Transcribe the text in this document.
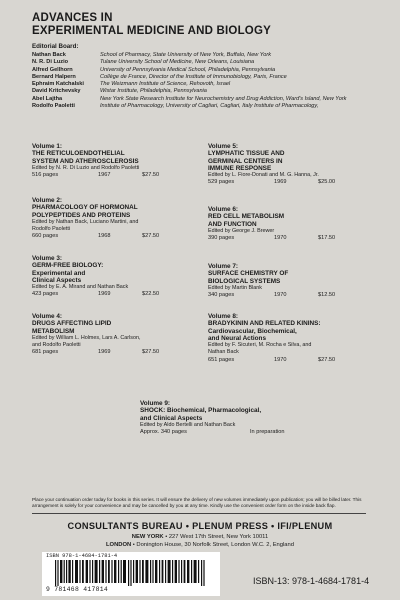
ADVANCES IN
EXPERIMENTAL MEDICINE AND BIOLOGY
Editorial Board:
Nathan Back	School of Pharmacy, State University of New York, Buffalo, New York
N. R. Di Luzio	Tulane University School of Medicine, New Orleans, Louisiana
Alfred Gellhorn	University of Pennsylvania Medical School, Philadelphia, Pennsylvania
Bernard Halpern	Collège de France, Director of the Institute of Immunobiology, Paris, France
Ephraim Katchalski	The Weizmann Institute of Science, Rehovoth, Israel
David Kritchevsky	Wistar Institute, Philadelphia, Pennsylvania
Abel Lajtha	New York State Research Institute for Neurochemistry and Drug Addiction, Ward's Island, New York
Rodolfo Paoletti	Institute of Pharmacology, University of Cagliari, Cagliari, Italy Institute of Pharmacology,
Volume 1:
THE RETICULOENDOTHELIAL
SYSTEM AND ATHEROSCLEROSIS
Edited by N. R. Di Luzio and Rodolfo Paoletti
516 pages	1967	$27.50
Volume 2:
PHARMACOLOGY OF HORMONAL
POLYPEPTIDES AND PROTEINS
Edited by Nathan Back, Luciano Martini, and
Rodolfo Paoletti
660 pages	1968	$27.50
Volume 3:
GERM-FREE BIOLOGY:
Experimental and
Clinical Aspects
Edited by E. A. Mirand and Nathan Back
423 pages	1969	$22.50
Volume 4:
DRUGS AFFECTING LIPID
METABOLISM
Edited by William L. Holmes, Lars A. Carlson,
and Rodolfo Paoletti
681 pages	1969	$27.50
Volume 5:
LYMPHATIC TISSUE AND
GERMINAL CENTERS IN
IMMUNE RESPONSE
Edited by L. Fiore-Donati and M. G. Hanna, Jr.
529 pages	1969	$25.00
Volume 6:
RED CELL METABOLISM
AND FUNCTION
Edited by George J. Brewer
390 pages	1970	$17.50
Volume 7:
SURFACE CHEMISTRY OF
BIOLOGICAL SYSTEMS
Edited by Martin Blank
340 pages	1970	$12.50
Volume 8:
BRADYKININ AND RELATED KININS:
Cardiovascular, Biochemical,
and Neural Actions
Edited by F. Sicuteri, M. Rocha e Silva, and
Nathan Back
651 pages	1970	$27.50
Volume 9:
SHOCK: Biochemical, Pharmacological,
and Clinical Aspects
Edited by Aldo Bertelli and Nathan Back
Approx. 340 pages	In preparation
Place your continuation order today for books in this series. It will ensure the delivery of new volumes immediately upon publication; you will be billed later. This arrangement is solely for your convenience and may be cancelled by you at any time. Kindly use the convenient order form on the inside back flap.
CONSULTANTS BUREAU • PLENUM PRESS • IFI/PLENUM
NEW YORK • 227 West 17th Street, New York 10011
LONDON • Donington House, 30 Norfolk Street, London W.C. 2, England
ISBN 978-1-4684-1781-4
9 781468 417814
ISBN-13: 978-1-4684-1781-4
